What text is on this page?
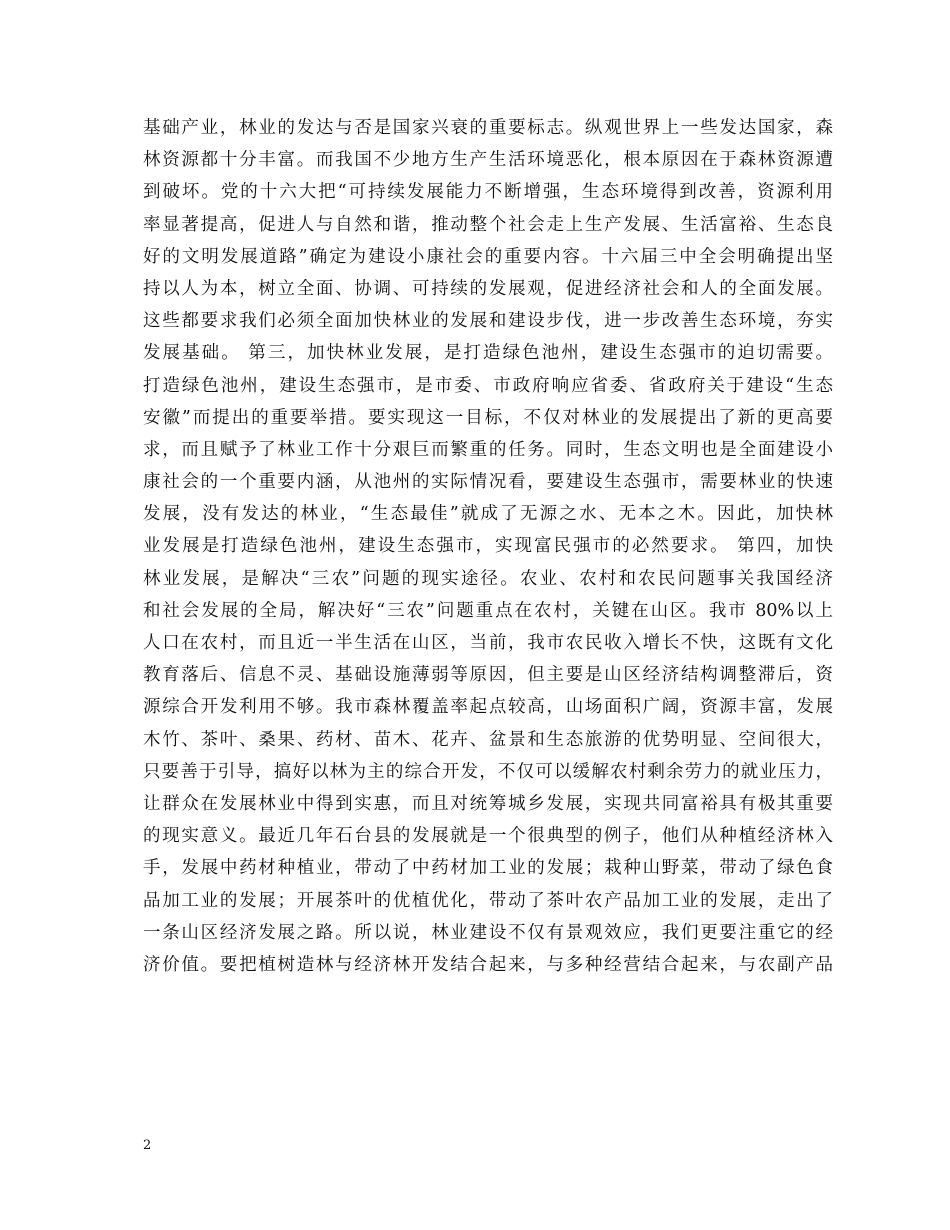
基础产业，林业的发达与否是国家兴衰的重要标志。纵观世界上一些发达国家，森
林资源都十分丰富。而我国不少地方生产生活环境恶化，根本原因在于森林资源遭
到破坏。党的十六大把“可持续发展能力不断增强，生态环境得到改善，资源利用
率显著提高，促进人与自然和谐，推动整个社会走上生产发展、生活富裕、生态良
好的文明发展道路”确定为建设小康社会的重要内容。十六届三中全会明确提出坚
持以人为本，树立全面、协调、可持续的发展观，促进经济社会和人的全面发展。
这些都要求我们必须全面加快林业的发展和建设步伐，进一步改善生态环境，夯实
发展基础。 第三，加快林业发展，是打造绿色池州，建设生态强市的迫切需要。
打造绿色池州，建设生态强市，是市委、市政府响应省委、省政府关于建设“生态
安徽”而提出的重要举措。要实现这一目标，不仅对林业的发展提出了新的更高要
求，而且赋予了林业工作十分艰巨而繁重的任务。同时，生态文明也是全面建设小
康社会的一个重要内涵，从池州的实际情况看，要建设生态强市，需要林业的快速
发展，没有发达的林业，“生态最佳”就成了无源之水、无本之木。因此，加快林
业发展是打造绿色池州，建设生态强市，实现富民强市的必然要求。 第四，加快
林业发展，是解决“三农”问题的现实途径。农业、农村和农民问题事关我国经济
和社会发展的全局，解决好“三农”问题重点在农村，关键在山区。我市 80%以上
人口在农村，而且近一半生活在山区，当前，我市农民收入增长不快，这既有文化
教育落后、信息不灵、基础设施薄弱等原因，但主要是山区经济结构调整滞后，资
源综合开发利用不够。我市森林覆盖率起点较高，山场面积广阔，资源丰富，发展
木竹、茶叶、桑果、药材、苗木、花卉、盆景和生态旅游的优势明显、空间很大，
只要善于引导，搞好以林为主的综合开发，不仅可以缓解农村剩余劳力的就业压力，
让群众在发展林业中得到实惠，而且对统筹城乡发展，实现共同富裕具有极其重要
的现实意义。最近几年石台县的发展就是一个很典型的例子，他们从种植经济林入
手，发展中药材种植业，带动了中药材加工业的发展；栽种山野菜，带动了绿色食
品加工业的发展；开展茶叶的优植优化，带动了茶叶农产品加工业的发展，走出了
一条山区经济发展之路。所以说，林业建设不仅有景观效应，我们更要注重它的经
济价值。要把植树造林与经济林开发结合起来，与多种经营结合起来，与农副产品
2
